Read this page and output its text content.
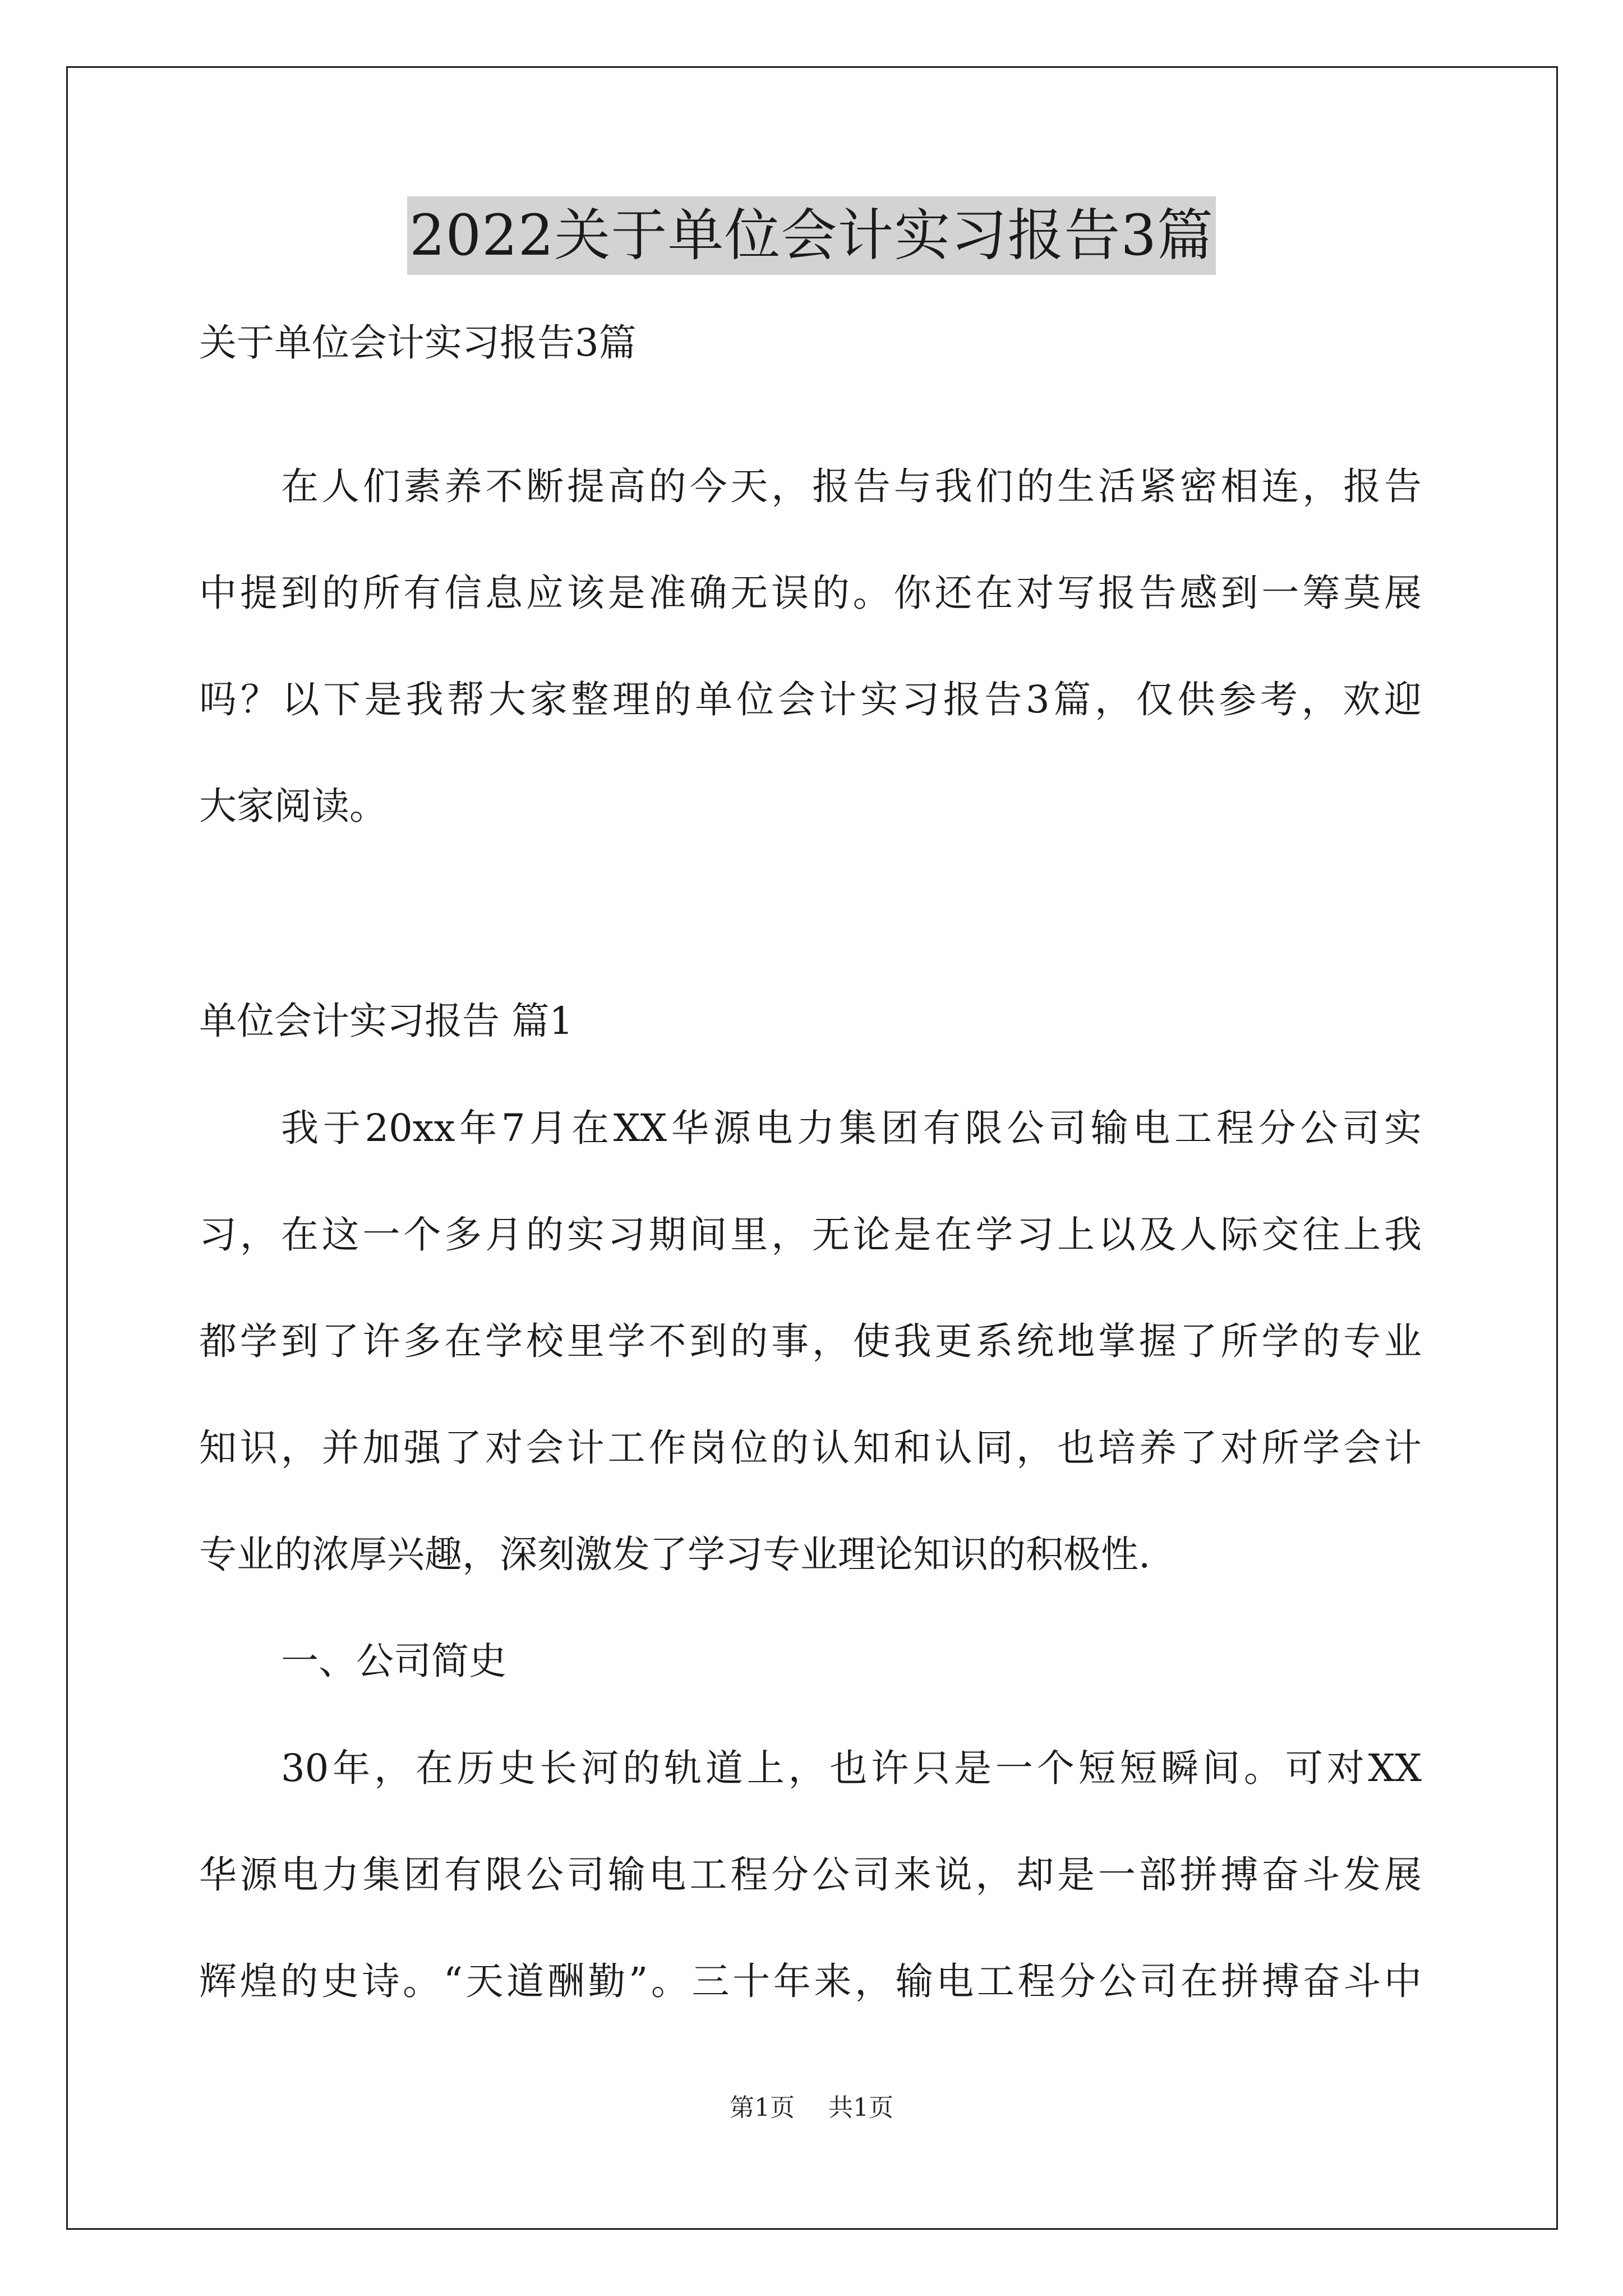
2022关于单位会计实习报告3篇
关于单位会计实习报告3篇
在人们素养不断提高的今天，报告与我们的生活紧密相连，报告
中提到的所有信息应该是准确无误的。你还在对写报告感到一筹莫展
吗？以下是我帮大家整理的单位会计实习报告3篇，仅供参考，欢迎
大家阅读。
单位会计实习报告 篇1
我于20xx年7月在XX华源电力集团有限公司输电工程分公司实
习，在这一个多月的实习期间里，无论是在学习上以及人际交往上我
都学到了许多在学校里学不到的事，使我更系统地掌握了所学的专业
知识，并加强了对会计工作岗位的认知和认同，也培养了对所学会计
专业的浓厚兴趣，深刻激发了学习专业理论知识的积极性.
一、公司简史
30年，在历史长河的轨道上，也许只是一个短短瞬间。可对XX
华源电力集团有限公司输电工程分公司来说，却是一部拼搏奋斗发展
辉煌的史诗。“天道酬勤”。三十年来，输电工程分公司在拼搏奋斗中
第1页 共1页
